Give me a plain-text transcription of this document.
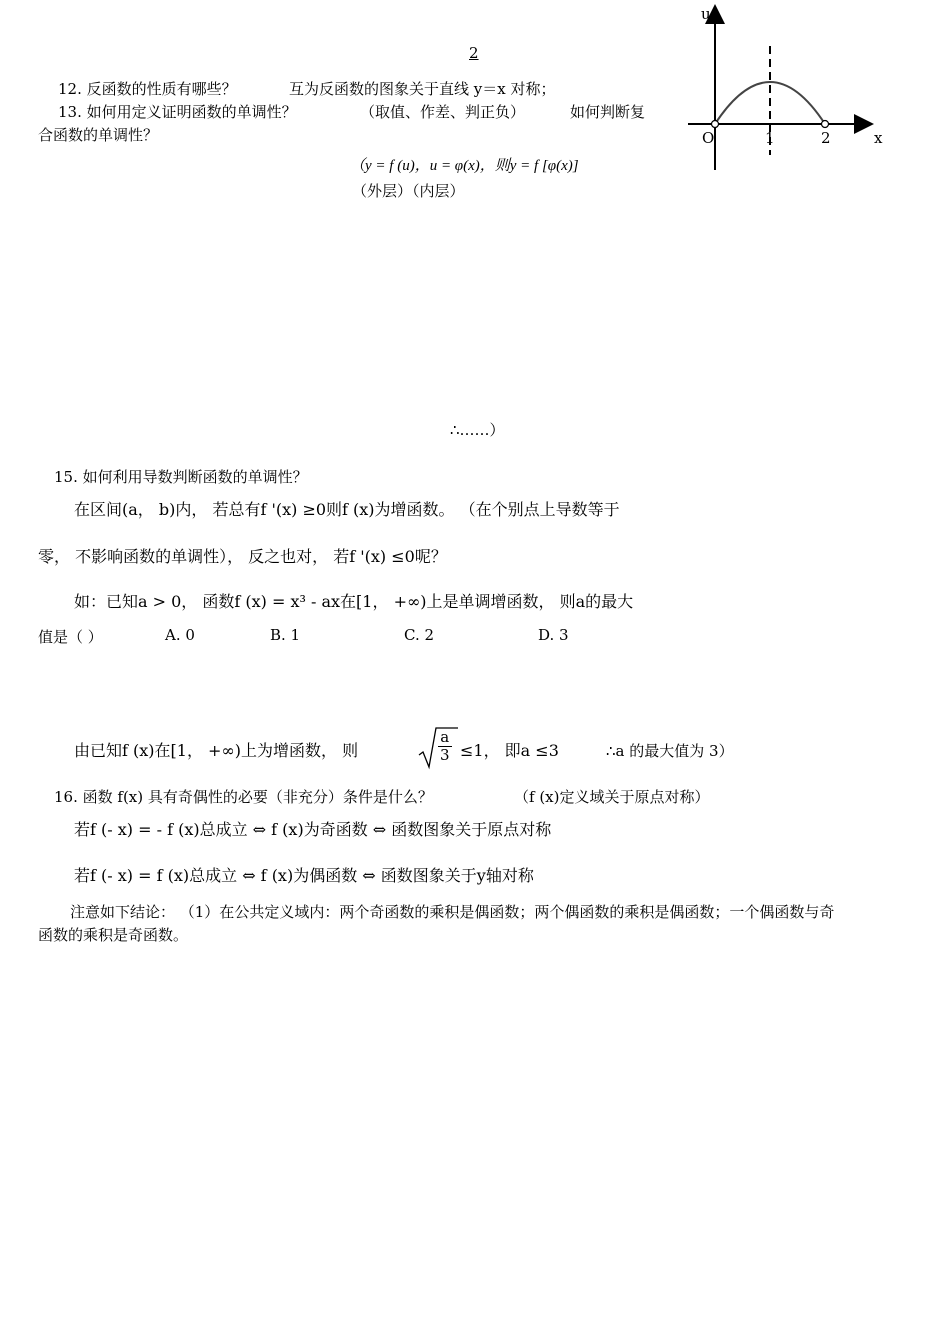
2
12. 反函数的性质有哪些？	互为反函数的图象关于直线 y＝x 对称；
13. 如何用定义证明函数的单调性？	（取值、作差、判正负）	如何判断复
合函数的单调性？
（y = f (u)，u = φ(x)，则y = f [φ(x)]
（外层）（内层）
u
x
O	1	2
∴……）
15. 如何利用导数判断函数的单调性？
在区间(a， b)内， 若总有f '(x) ≥0则f (x)为增函数。 （在个别点上导数等于
零， 不影响函数的单调性）， 反之也对， 若f '(x) ≤0呢？
如：已知a > 0， 函数f (x) = x³ - ax在[1， +∞)上是单调增函数， 则a的最大
值是（ ）	A. 0	B. 1	C. 2	D. 3
由已知f (x)在[1， +∞)上为增函数， 则	$\frac{a}{3} \le 1$， 即a ≤3	∴a 的最大值为 3）
16. 函数 f(x) 具有奇偶性的必要（非充分）条件是什么？	（f (x)定义域关于原点对称）
若f (- x) = - f (x)总成立 ⇔ f (x)为奇函数 ⇔ 函数图象关于原点对称
若f (- x) = f (x)总成立 ⇔ f (x)为偶函数 ⇔ 函数图象关于y轴对称
注意如下结论： （1）在公共定义域内：两个奇函数的乘积是偶函数；两个偶函数的乘积是偶函数；一个偶函数与奇
函数的乘积是奇函数。
